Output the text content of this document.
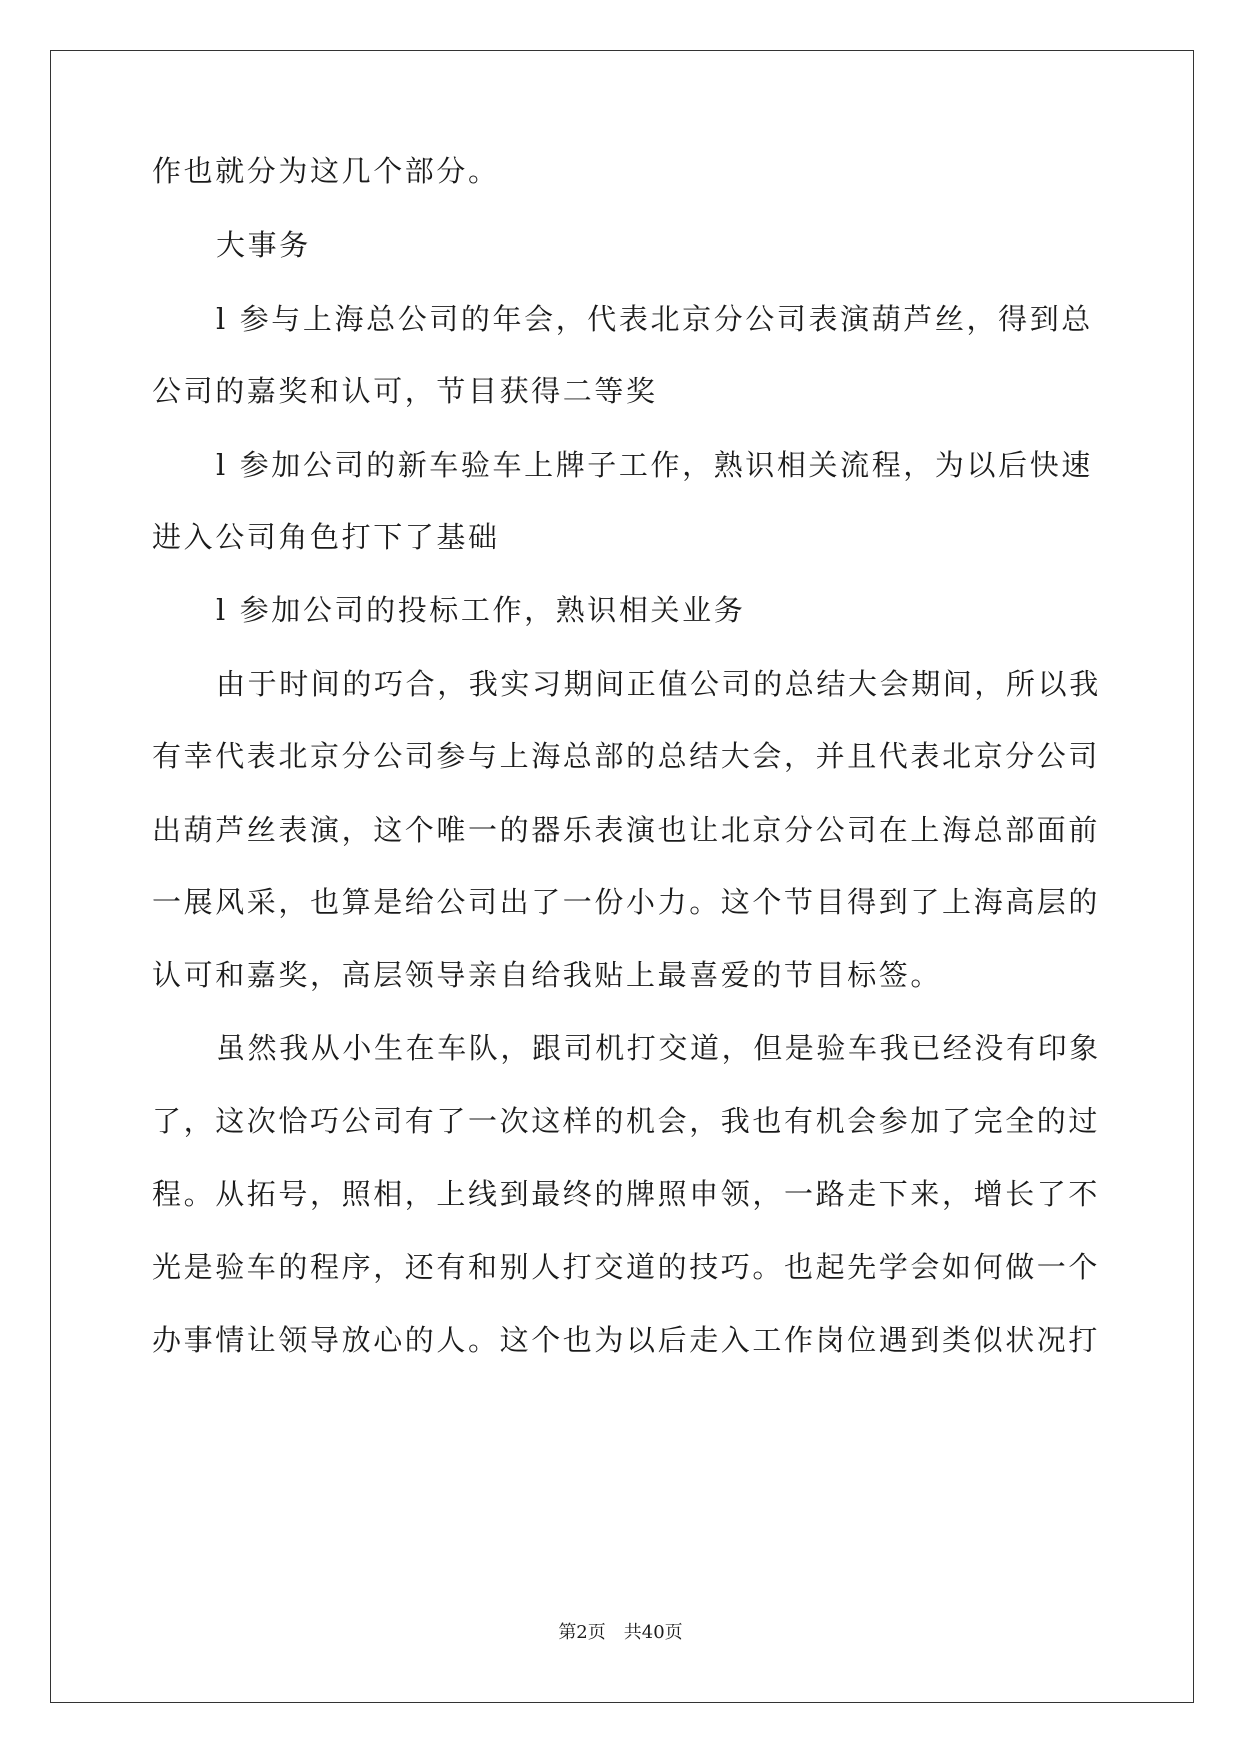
作也就分为这几个部分。
大事务
l 参与上海总公司的年会，代表北京分公司表演葫芦丝，得到总
公司的嘉奖和认可，节目获得二等奖
l 参加公司的新车验车上牌子工作，熟识相关流程，为以后快速
进入公司角色打下了基础
l 参加公司的投标工作，熟识相关业务
由于时间的巧合，我实习期间正值公司的总结大会期间，所以我
有幸代表北京分公司参与上海总部的总结大会，并且代表北京分公司
出葫芦丝表演，这个唯一的器乐表演也让北京分公司在上海总部面前
一展风采，也算是给公司出了一份小力。这个节目得到了上海高层的
认可和嘉奖，高层领导亲自给我贴上最喜爱的节目标签。
虽然我从小生在车队，跟司机打交道，但是验车我已经没有印象
了，这次恰巧公司有了一次这样的机会，我也有机会参加了完全的过
程。从拓号，照相，上线到最终的牌照申领，一路走下来，增长了不
光是验车的程序，还有和别人打交道的技巧。也起先学会如何做一个
办事情让领导放心的人。这个也为以后走入工作岗位遇到类似状况打
第2页 共40页
